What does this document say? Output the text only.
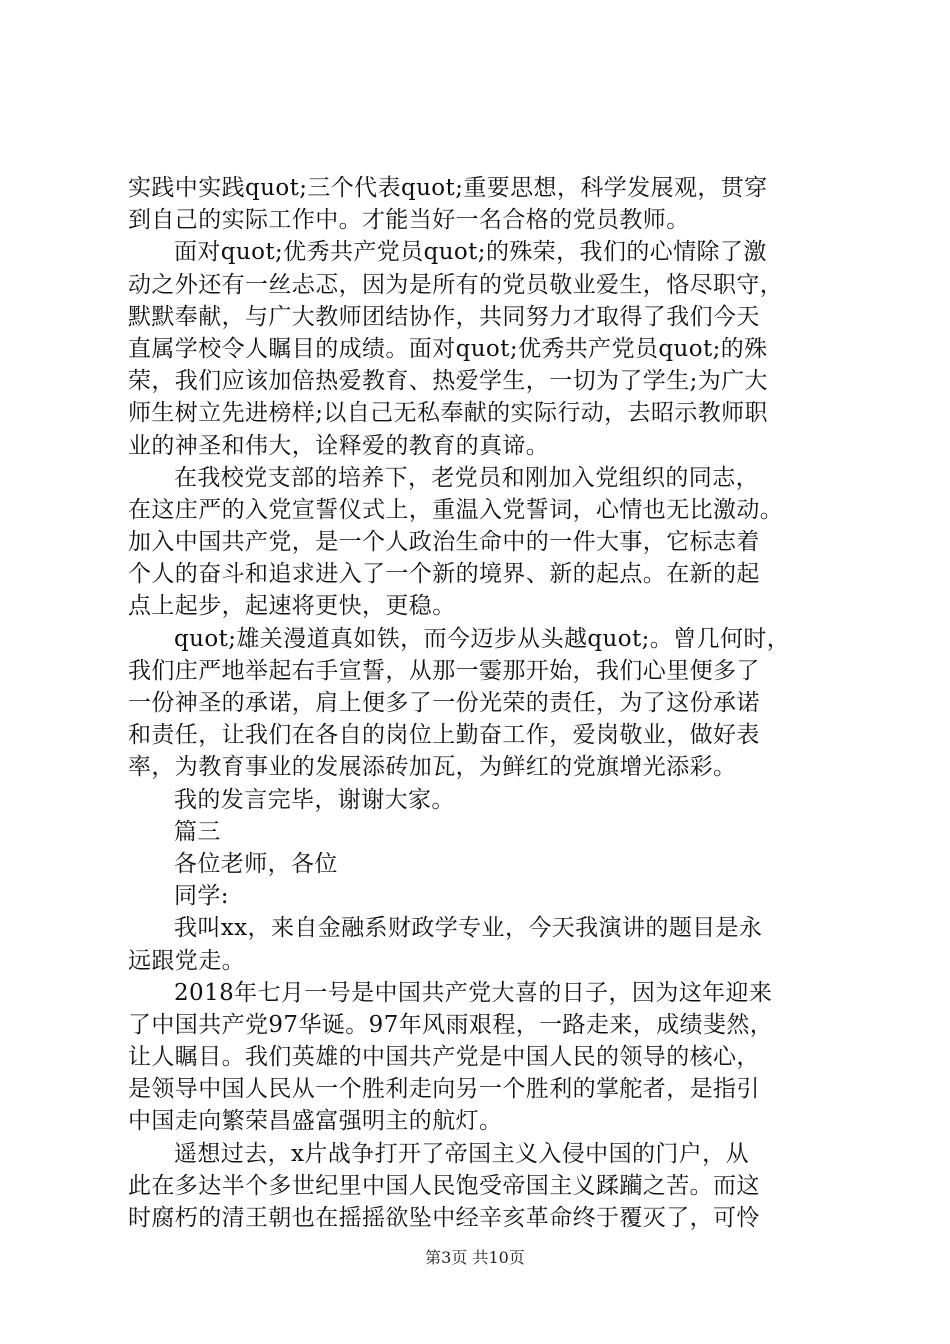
实践中实践quot;三个代表quot;重要思想，科学发展观，贯穿
到自己的实际工作中。才能当好一名合格的党员教师。
面对quot;优秀共产党员quot;的殊荣，我们的心情除了激
动之外还有一丝忐忑，因为是所有的党员敬业爱生，恪尽职守，
默默奉献，与广大教师团结协作，共同努力才取得了我们今天
直属学校令人瞩目的成绩。面对quot;优秀共产党员quot;的殊
荣，我们应该加倍热爱教育、热爱学生，一切为了学生;为广大
师生树立先进榜样;以自己无私奉献的实际行动，去昭示教师职
业的神圣和伟大，诠释爱的教育的真谛。
在我校党支部的培养下，老党员和刚加入党组织的同志，
在这庄严的入党宣誓仪式上，重温入党誓词，心情也无比激动。
加入中国共产党，是一个人政治生命中的一件大事，它标志着
个人的奋斗和追求进入了一个新的境界、新的起点。在新的起
点上起步，起速将更快，更稳。
quot;雄关漫道真如铁，而今迈步从头越quot;。曾几何时，
我们庄严地举起右手宣誓，从那一霎那开始，我们心里便多了
一份神圣的承诺，肩上便多了一份光荣的责任，为了这份承诺
和责任，让我们在各自的岗位上勤奋工作，爱岗敬业，做好表
率，为教育事业的发展添砖加瓦，为鲜红的党旗增光添彩。
我的发言完毕，谢谢大家。
篇三
各位老师，各位
同学:
我叫xx，来自金融系财政学专业，今天我演讲的题目是永
远跟党走。
2018年七月一号是中国共产党大喜的日子，因为这年迎来
了中国共产党97华诞。97年风雨艰程，一路走来，成绩斐然，
让人瞩目。我们英雄的中国共产党是中国人民的领导的核心，
是领导中国人民从一个胜利走向另一个胜利的掌舵者，是指引
中国走向繁荣昌盛富强明主的航灯。
遥想过去，x片战争打开了帝国主义入侵中国的门户，从
此在多达半个多世纪里中国人民饱受帝国主义蹂躏之苦。而这
时腐朽的清王朝也在摇摇欲坠中经辛亥革命终于覆灭了，可怜
第3页 共10页
